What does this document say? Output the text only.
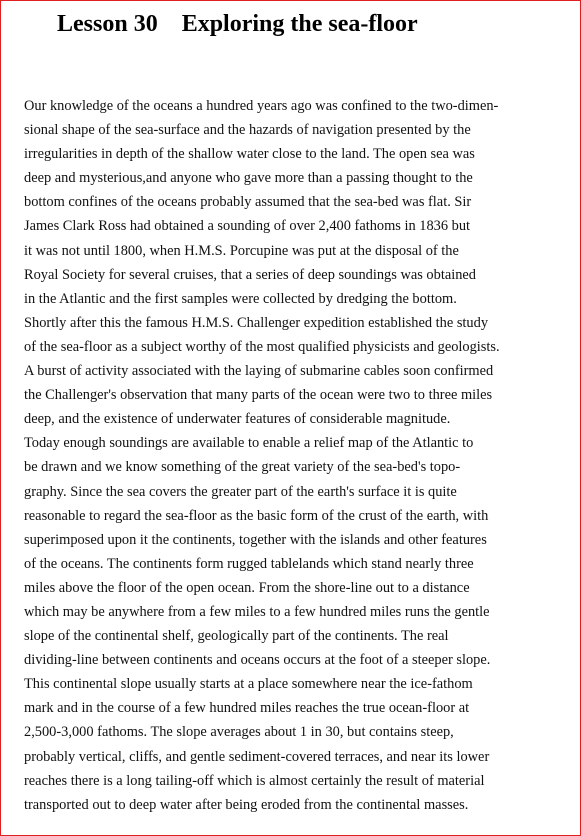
Lesson 30    Exploring the sea-floor
Our knowledge of the oceans a hundred years ago was confined to the two-dimen-
sional shape of the sea-surface and the hazards of navigation presented by the
irregularities in depth of the shallow water close to the land. The open sea was
deep and mysterious,and anyone who gave more than a passing thought to the
bottom confines of the oceans probably assumed that the sea-bed was flat. Sir
James Clark Ross had obtained a sounding of over 2,400 fathoms in 1836 but
it was not until 1800, when H.M.S. Porcupine was put at the disposal of the
Royal Society for several cruises, that a series of deep soundings was obtained
in the Atlantic and the first samples were collected by dredging the bottom.
Shortly after this the famous H.M.S. Challenger expedition established the study
of the sea-floor as a subject worthy of the most qualified physicists and geologists.
A burst of activity associated with the laying of submarine cables soon confirmed
the Challenger's observation that many parts of the ocean were two to three miles
deep, and the existence of underwater features of considerable magnitude.
Today enough soundings are available to enable a relief map of the Atlantic to
be drawn and we know something of the great variety of the sea-bed's topo-
graphy. Since the sea covers the greater part of the earth's surface it is quite
reasonable to regard the sea-floor as the basic form of the crust of the earth, with
superimposed upon it the continents, together with the islands and other features
of the oceans. The continents form rugged tablelands which stand nearly three
miles above the floor of the open ocean. From the shore-line out to a distance
which may be anywhere from a few miles to a few hundred miles runs the gentle
slope of the continental shelf, geologically part of the continents. The real
dividing-line between continents and oceans occurs at the foot of a steeper slope.
This continental slope usually starts at a place somewhere near the ice-fathom
mark and in the course of a few hundred miles reaches the true ocean-floor at
2,500-3,000 fathoms. The slope averages about 1 in 30, but contains steep,
probably vertical, cliffs, and gentle sediment-covered terraces, and near its lower
reaches there is a long tailing-off which is almost certainly the result of material
transported out to deep water after being eroded from the continental masses.
